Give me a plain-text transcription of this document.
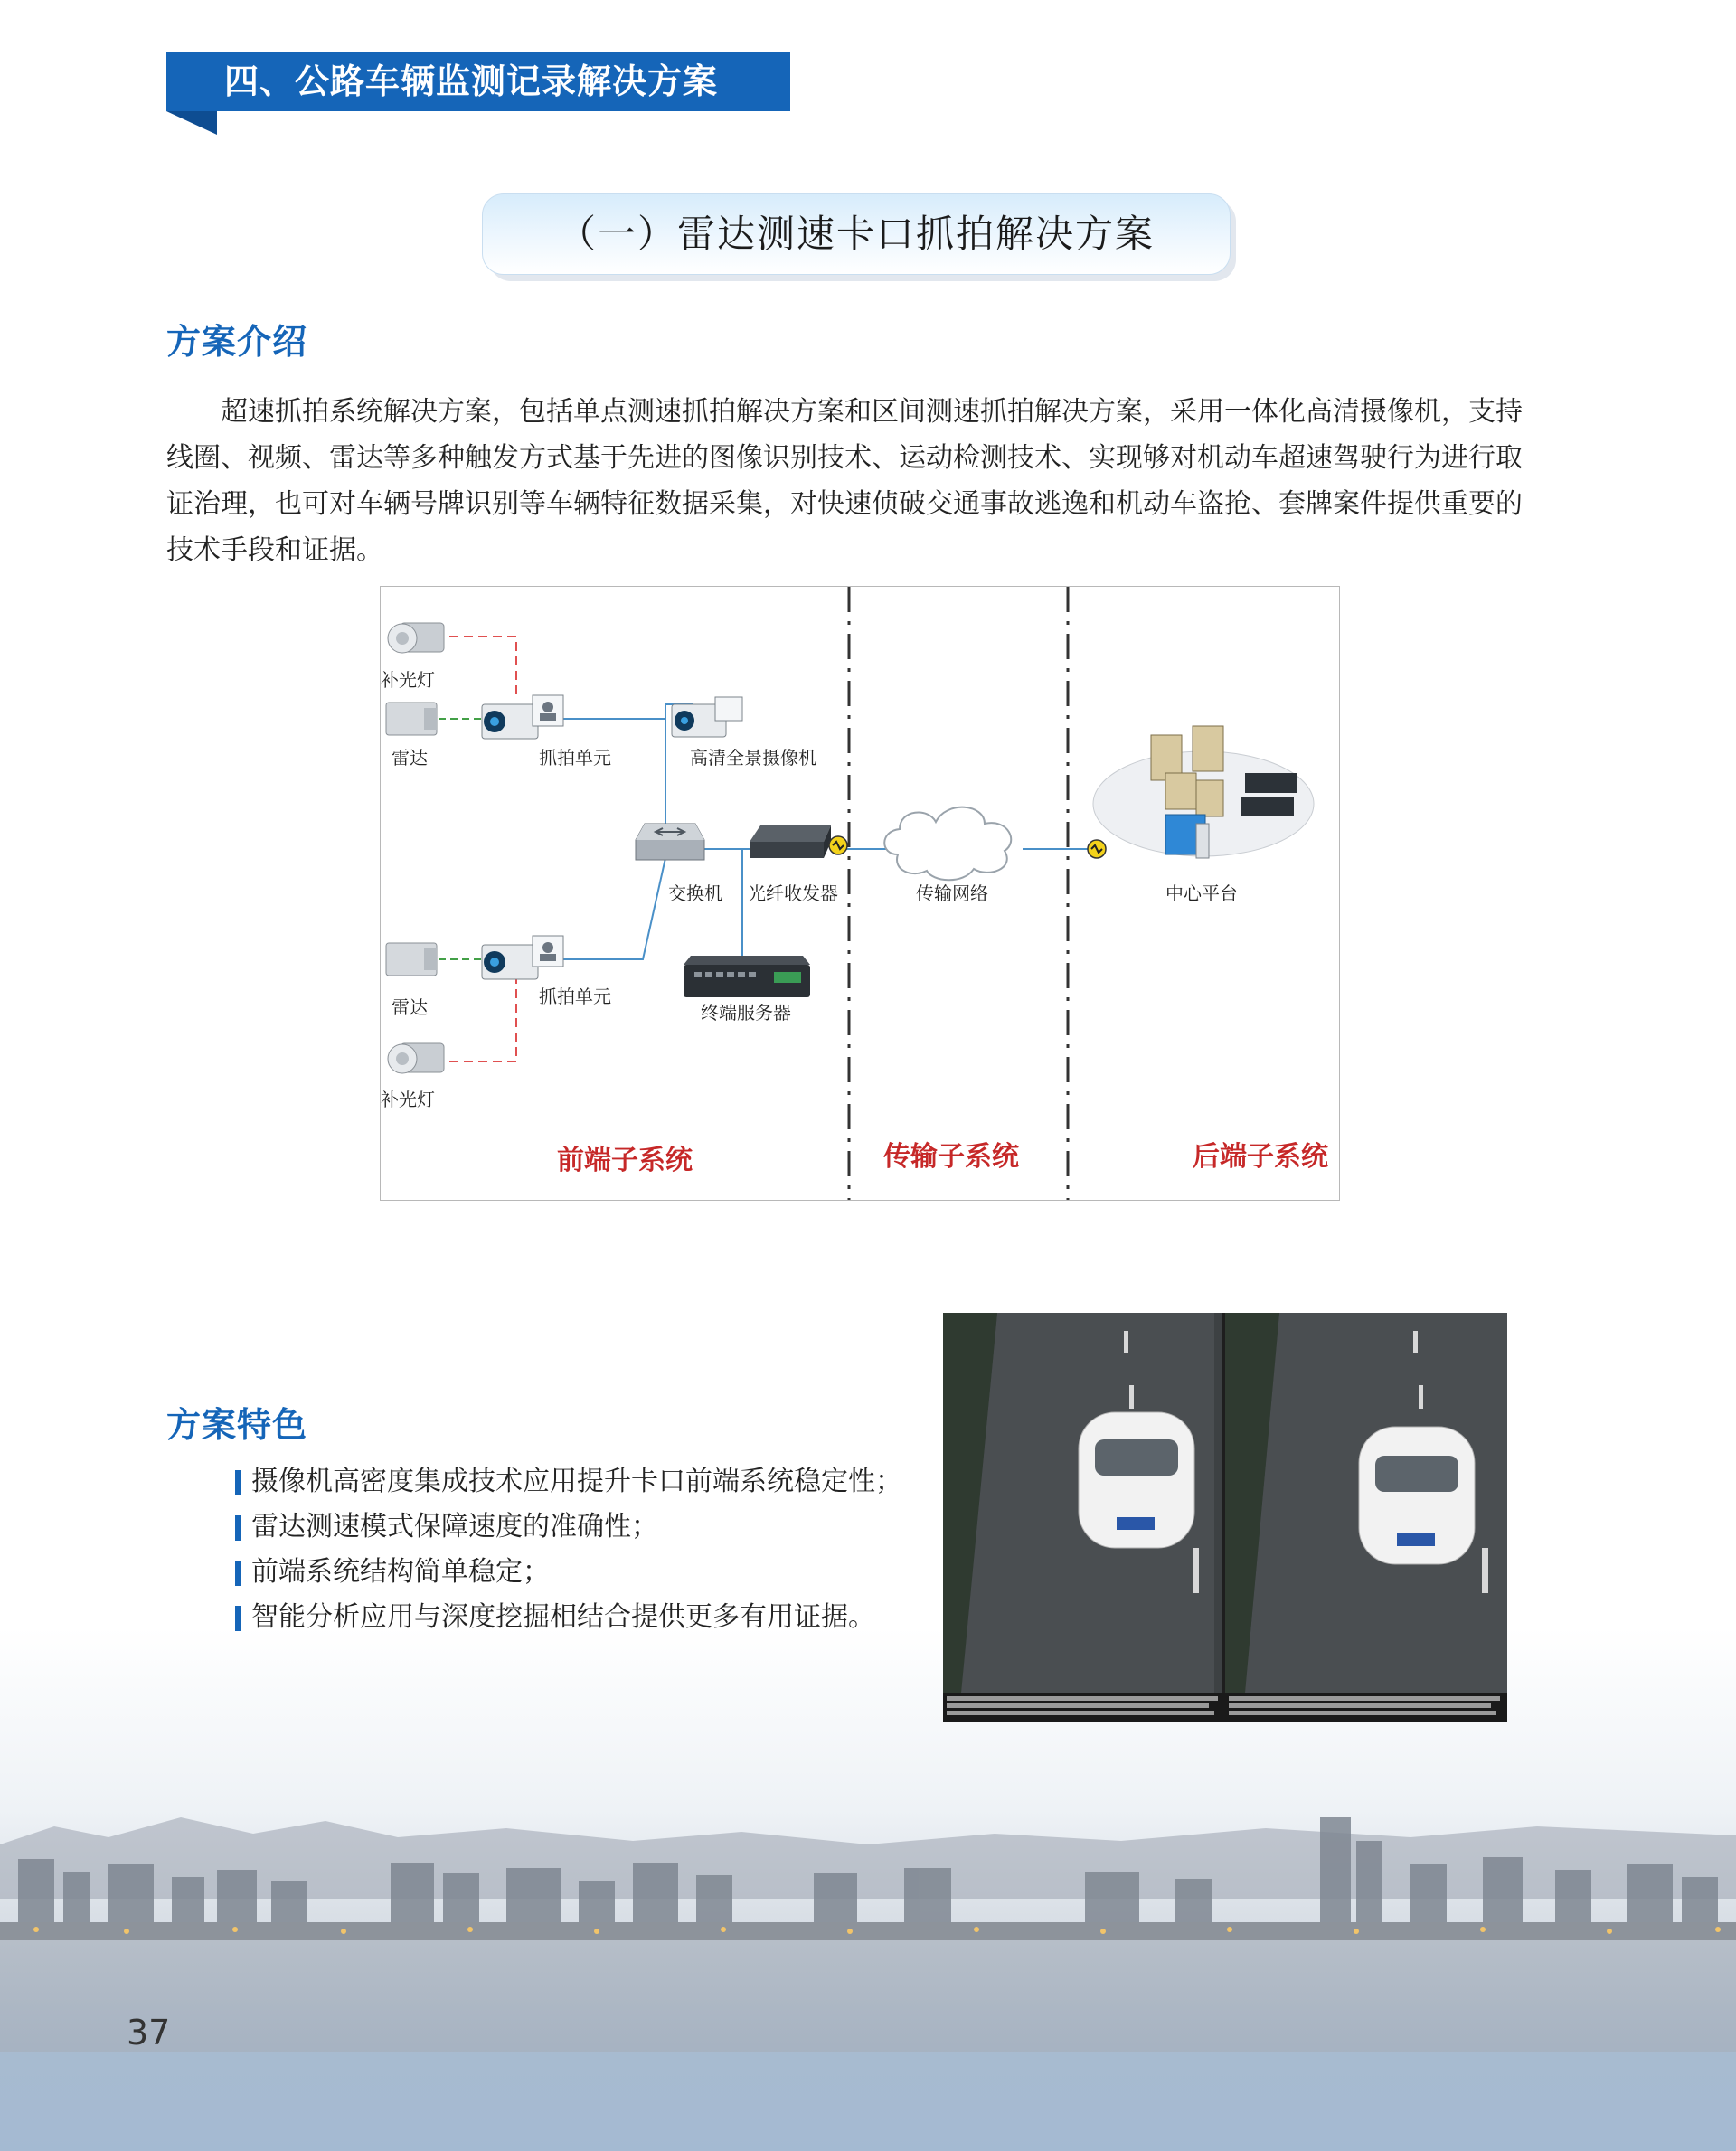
四、公路车辆监测记录解决方案
（一）雷达测速卡口抓拍解决方案
方案介绍
　　超速抓拍系统解决方案，包括单点测速抓拍解决方案和区间测速抓拍解决方案，采用一体化高清摄像机，支持
线圈、视频、雷达等多种触发方式基于先进的图像识别技术、运动检测技术、实现够对机动车超速驾驶行为进行取
证治理，也可对车辆号牌识别等车辆特征数据采集，对快速侦破交通事故逃逸和机动车盗抢、套牌案件提供重要的
技术手段和证据。
补光灯
雷达	抓拍单元	高清全景摄像机
交换机 光纤收发器	传输网络	中心平台
雷达	抓拍单元
终端服务器
补光灯
前端子系统	传输子系统	后端子系统
方案特色
摄像机高密度集成技术应用提升卡口前端系统稳定性；
雷达测速模式保障速度的准确性；
前端系统结构简单稳定；
智能分析应用与深度挖掘相结合提供更多有用证据。
37
